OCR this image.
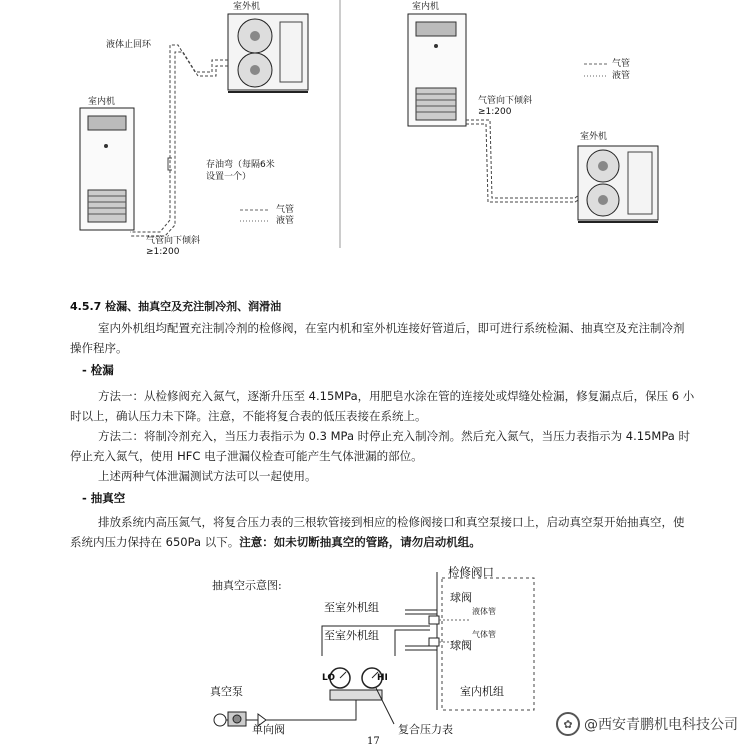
室外机
液体止回环
室内机
存油弯（每隔6米
设置一个）
气管
液管
气管向下倾斜
≥1:200
室内机
气管
液管
气管向下倾斜
≥1:200
室外机
4.5.7 检漏、抽真空及充注制冷剂、润滑油
室内外机组均配置充注制冷剂的检修阀，在室内机和室外机连接好管道后，即可进行系统检漏、抽真空及充注制冷剂操作程序。
- 检漏
方法一：从检修阀充入氮气，逐渐升压至 4.15MPa，用肥皂水涂在管的连接处或焊缝处检漏，修复漏点后，保压 6 小时以上，确认压力未下降。注意，不能将复合表的低压表接在系统上。
方法二：将制冷剂充入，当压力表指示为 0.3 MPa 时停止充入制冷剂。然后充入氮气，当压力表指示为 4.15MPa 时停止充入氮气，使用 HFC 电子泄漏仪检查可能产生气体泄漏的部位。
上述两种气体泄漏测试方法可以一起使用。
- 抽真空
排放系统内高压氮气，将复合压力表的三根软管接到相应的检修阀接口和真空泵接口上，启动真空泵开始抽真空，使系统内压力保持在 650Pa 以下。注意：如未切断抽真空的管路，请勿启动机组。
抽真空示意图:
检修阀口
至室外机组
球阀
液体管
至室外机组	气体管
球阀
LO	HI
真空泵	室内机组
单向阀	复合压力表
17
✿ @西安青鹏机电科技公司
